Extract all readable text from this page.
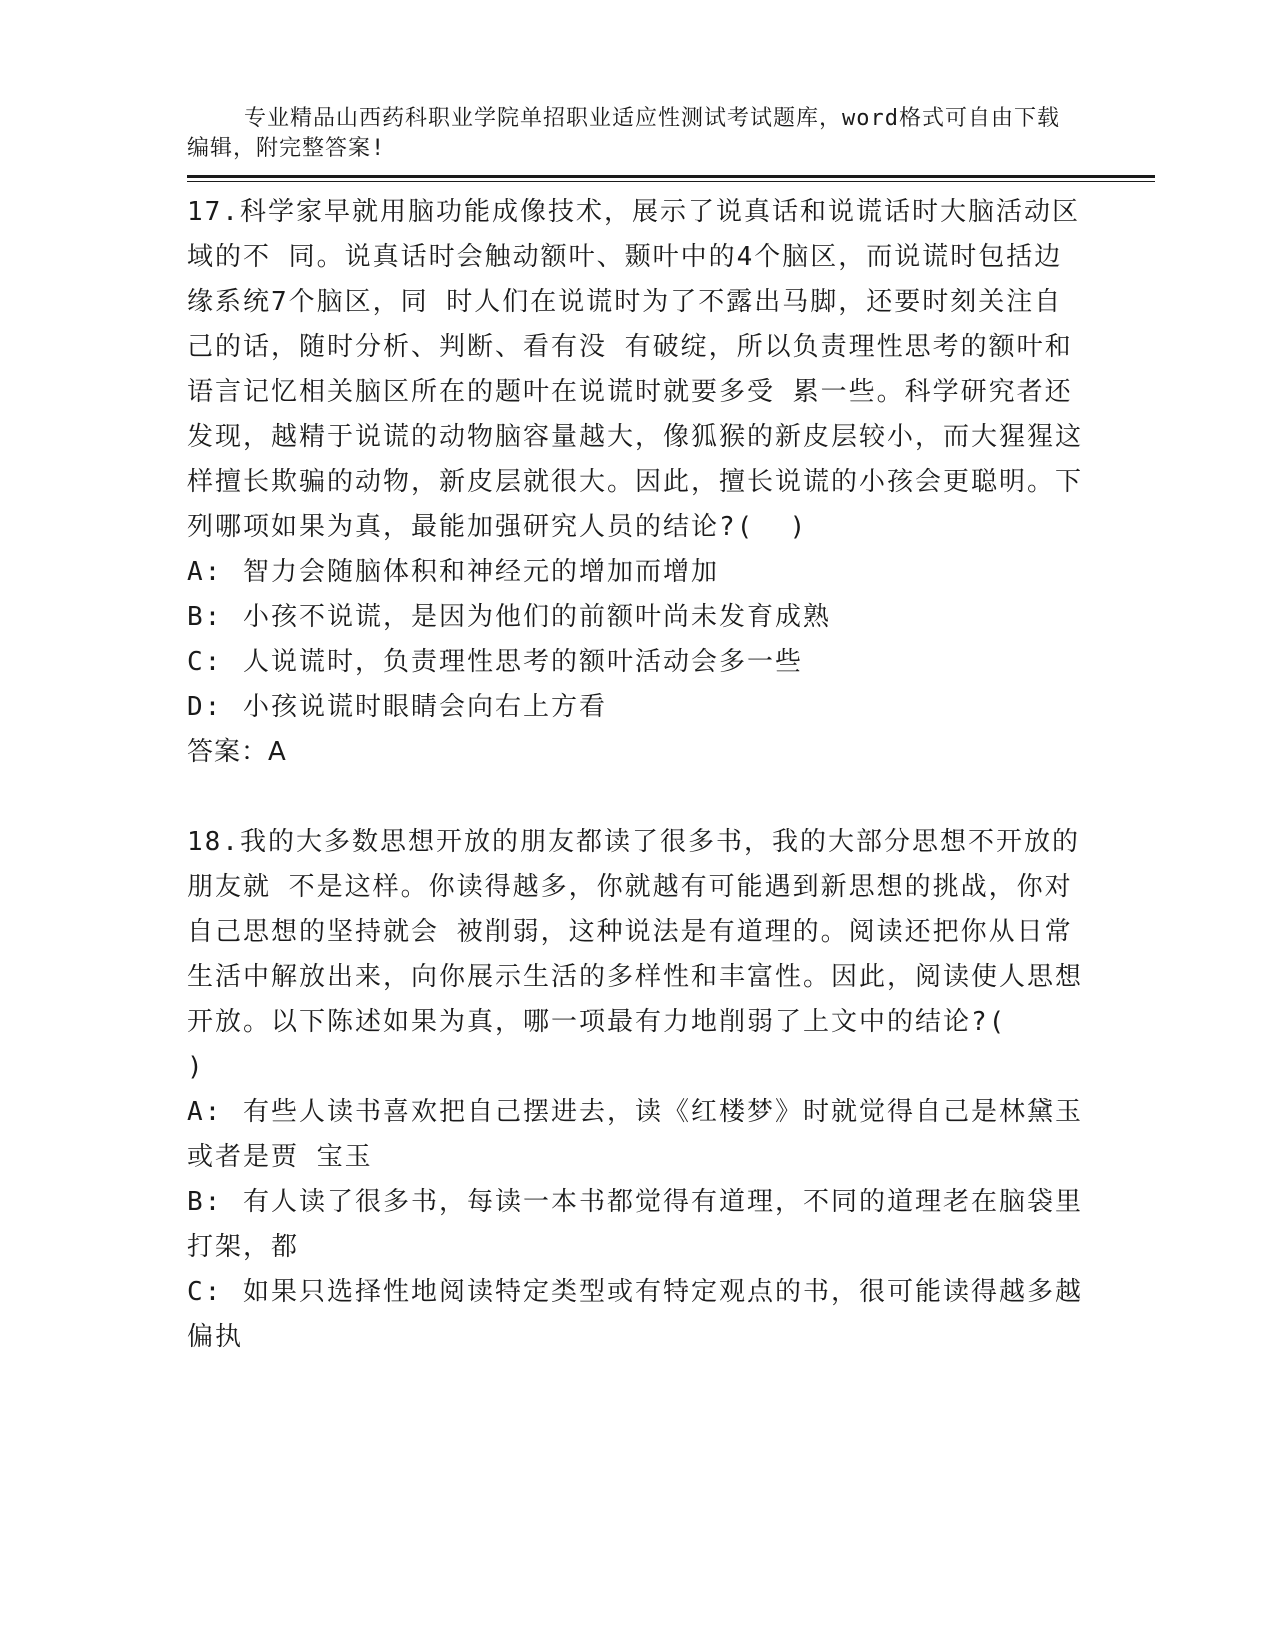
专业精品山西药科职业学院单招职业适应性测试考试题库，word格式可自由下载编辑，附完整答案!

17.科学家早就用脑功能成像技术，展示了说真话和说谎话时大脑活动区域的不 同。说真话时会触动额叶、颞叶中的4个脑区，而说谎时包括边缘系统7个脑区，同 时人们在说谎时为了不露出马脚，还要时刻关注自己的话，随时分析、判断、看有没 有破绽，所以负责理性思考的额叶和语言记忆相关脑区所在的题叶在说谎时就要多受 累一些。科学研究者还发现，越精于说谎的动物脑容量越大，像狐猴的新皮层较小，而大猩猩这样擅长欺骗的动物，新皮层就很大。因此，擅长说谎的小孩会更聪明。下列哪项如果为真，最能加强研究人员的结论?(  )

A: 智力会随脑体积和神经元的增加而增加
B: 小孩不说谎，是因为他们的前额叶尚未发育成熟
C: 人说谎时，负责理性思考的额叶活动会多一些
D: 小孩说谎时眼睛会向右上方看
答案：A

18.我的大多数思想开放的朋友都读了很多书，我的大部分思想不开放的朋友就 不是这样。你读得越多，你就越有可能遇到新思想的挑战，你对自己思想的坚持就会 被削弱，这种说法是有道理的。阅读还把你从日常生活中解放出来，向你展示生活的多样性和丰富性。因此，阅读使人思想开放。以下陈述如果为真，哪一项最有力地削弱了上文中的结论?(    )

A: 有些人读书喜欢把自己摆进去，读《红楼梦》时就觉得自己是林黛玉或者是贾 宝玉
B: 有人读了很多书，每读一本书都觉得有道理，不同的道理老在脑袋里打架，都
C: 如果只选择性地阅读特定类型或有特定观点的书，很可能读得越多越偏执
